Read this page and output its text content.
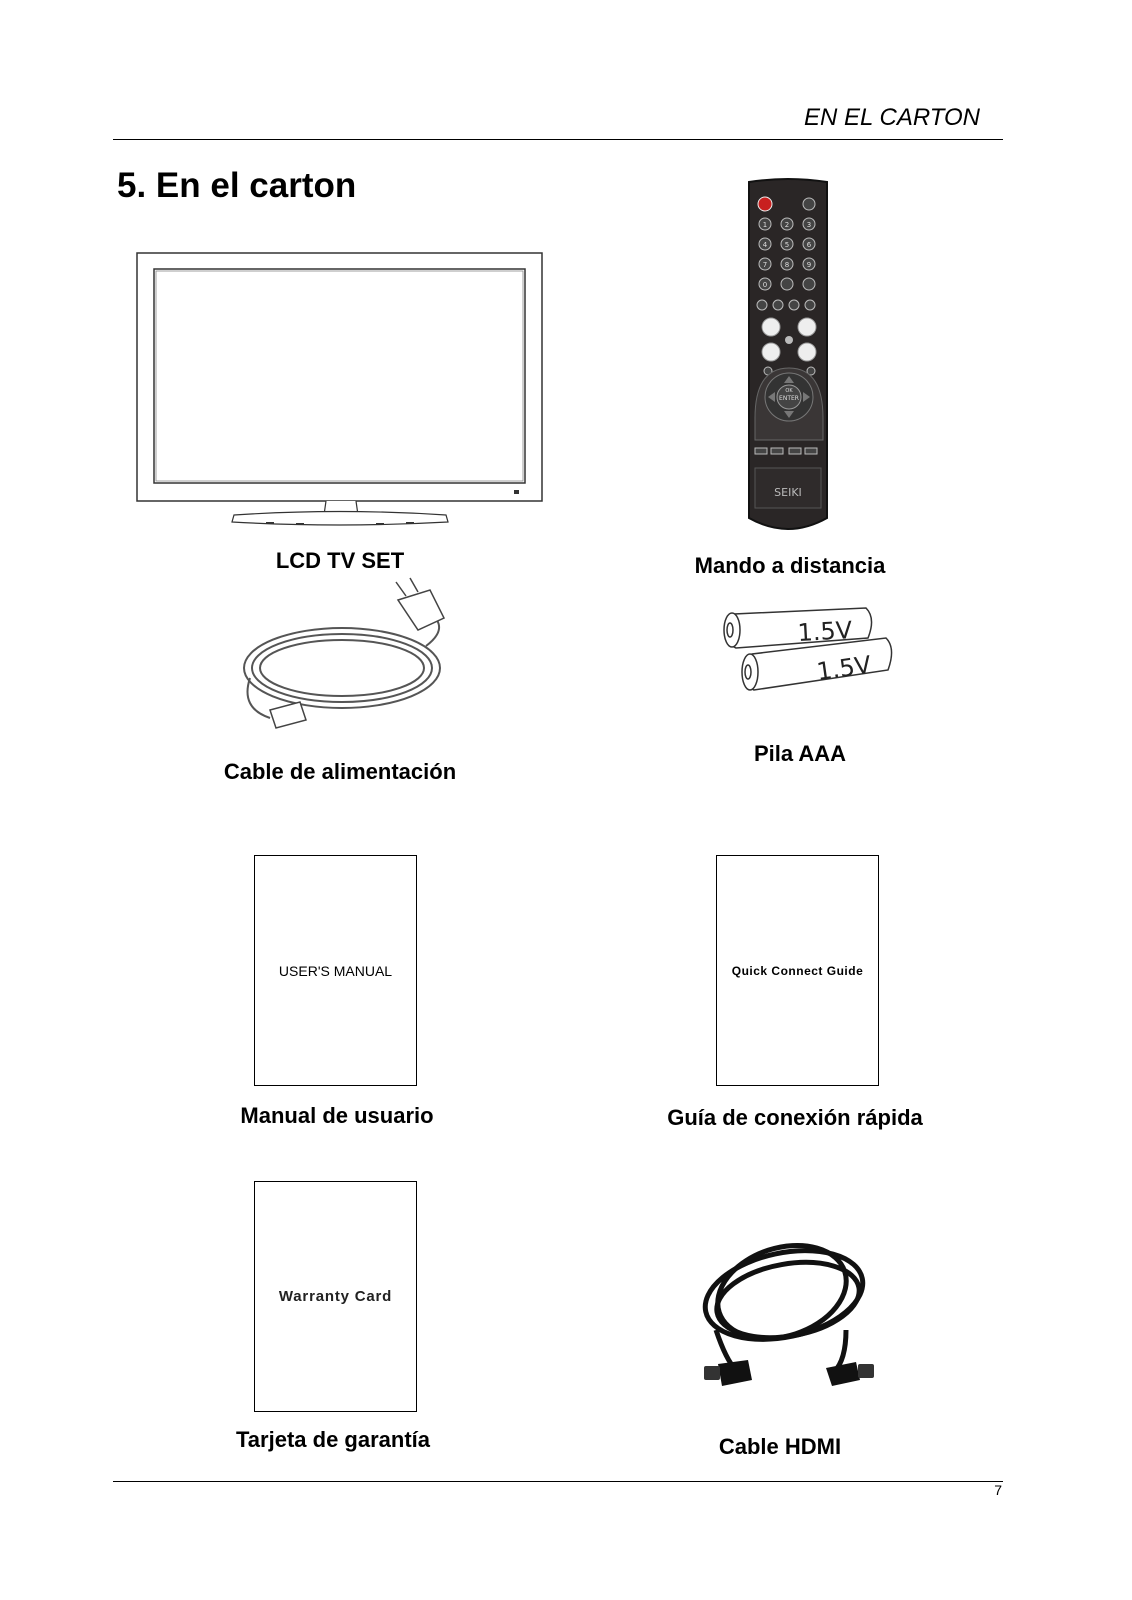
EN EL CARTON
5. En el carton
LCD TV SET
1	2	3
4	5	6
7	8	9
0
OK
ENTER
SEIKI
Mando a distancia
Cable de alimentación
1.5V
1.5V
Pila AAA
USER'S MANUAL
Manual de usuario
Quick Connect Guide
Guía de conexión rápida
Warranty Card
Tarjeta de garantía	Cable HDMI
7
